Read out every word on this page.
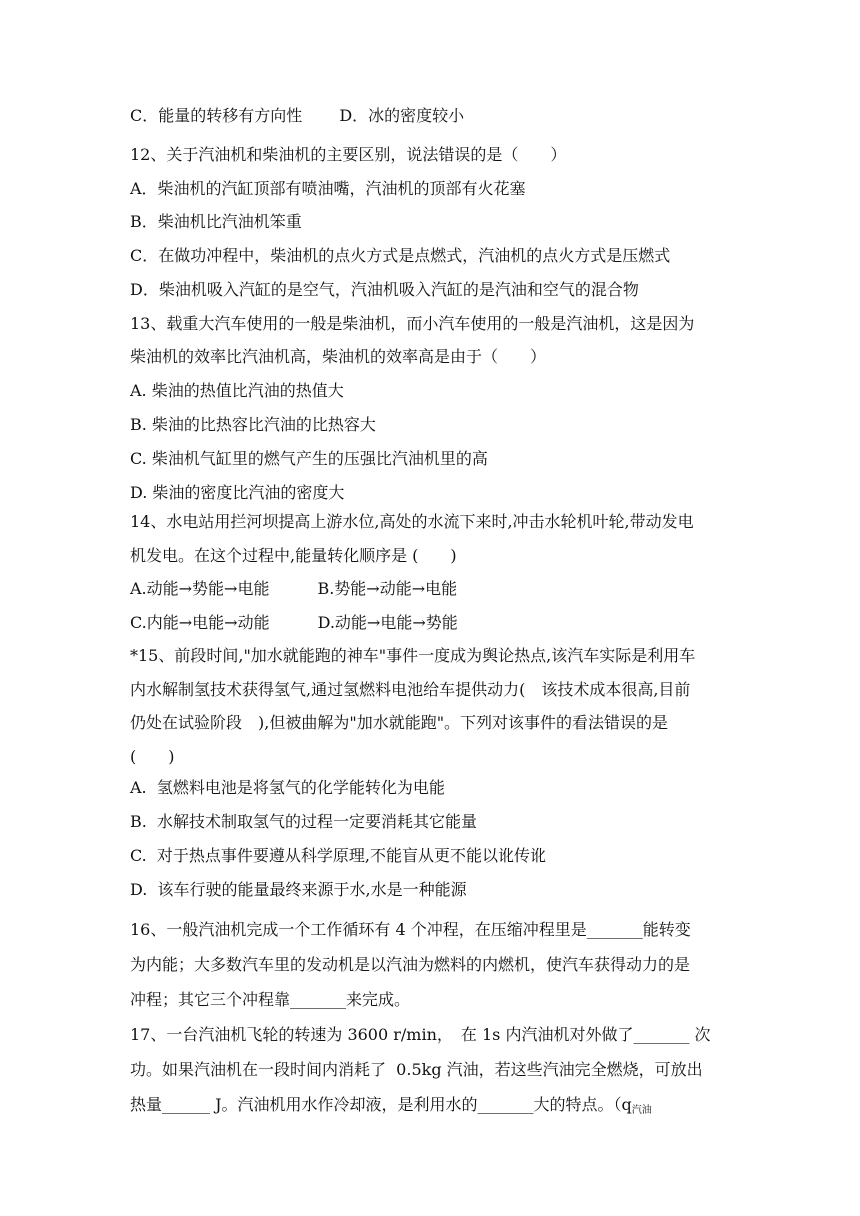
C．能量的转移有方向性　　 D．冰的密度较小
12、关于汽油机和柴油机的主要区别，说法错误的是（　　）
A．柴油机的汽缸顶部有喷油嘴，汽油机的顶部有火花塞
B．柴油机比汽油机笨重
C．在做功冲程中，柴油机的点火方式是点燃式，汽油机的点火方式是压燃式
D．柴油机吸入汽缸的是空气，汽油机吸入汽缸的是汽油和空气的混合物
13、载重大汽车使用的一般是柴油机，而小汽车使用的一般是汽油机，这是因为
柴油机的效率比汽油机高，柴油机的效率高是由于（　　）
A. 柴油的热值比汽油的热值大
B. 柴油的比热容比汽油的比热容大
C. 柴油机气缸里的燃气产生的压强比汽油机里的高
D. 柴油的密度比汽油的密度大
14、水电站用拦河坝提高上游水位,高处的水流下来时,冲击水轮机叶轮,带动发电
机发电。在这个过程中,能量转化顺序是 (　　)
A.动能→势能→电能　　　B.势能→动能→电能
C.内能→电能→动能　　　D.动能→电能→势能
*15、前段时间,"加水就能跑的神车"事件一度成为舆论热点,该汽车实际是利用车
内水解制氢技术获得氢气,通过氢燃料电池给车提供动力(　该技术成本很高,目前
仍处在试验阶段　),但被曲解为"加水就能跑"。下列对该事件的看法错误的是
(　　)
A.  氢燃料电池是将氢气的化学能转化为电能
B.  水解技术制取氢气的过程一定要消耗其它能量
C.  对于热点事件要遵从科学原理,不能盲从更不能以讹传讹
D.  该车行驶的能量最终来源于水,水是一种能源
16、一般汽油机完成一个工作循环有 4 个冲程，在压缩冲程里是_______能转变
为内能；大多数汽车里的发动机是以汽油为燃料的内燃机，使汽车获得动力的是
冲程；其它三个冲程靠_______来完成。
17、一台汽油机飞轮的转速为 3600 r/min，　在 1s 内汽油机对外做了_______ 次
功。如果汽油机在一段时间内消耗了  0.5kg 汽油，若这些汽油完全燃烧，可放出
热量______ J。汽油机用水作冷却液，是利用水的_______大的特点。（$q_{汽油}$
